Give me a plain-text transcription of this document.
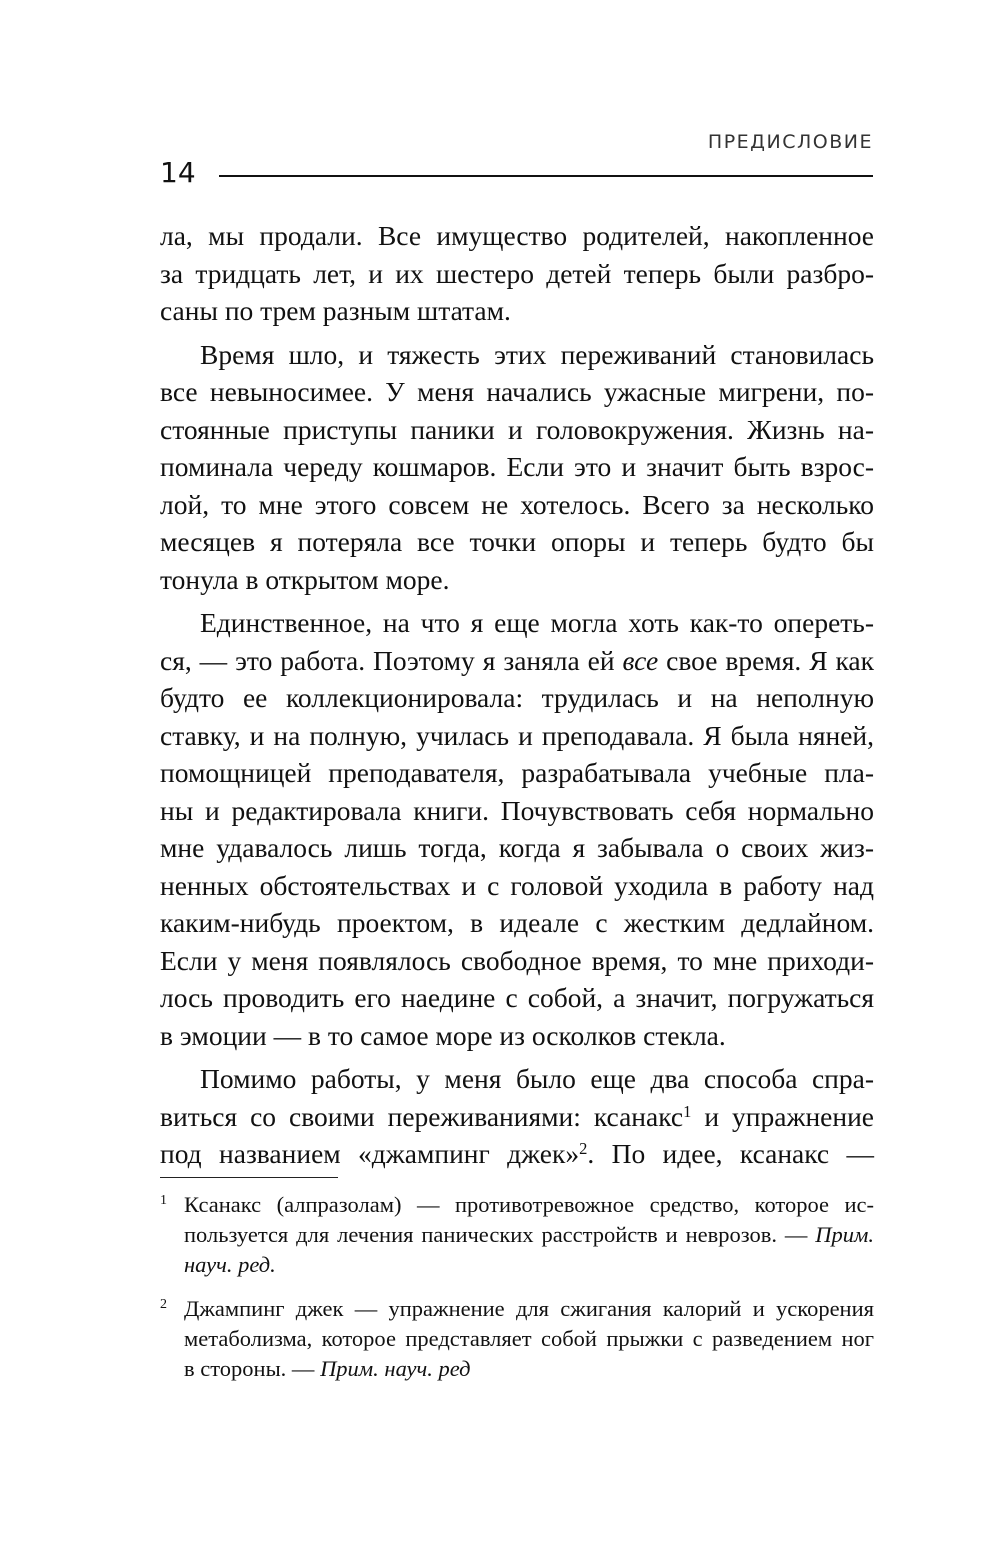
ПРЕДИСЛОВИЕ
14
ла, мы продали. Все имущество родителей, накопленное
за тридцать лет, и их шестеро детей теперь были разбро-
саны по трем разным штатам.
Время шло, и тяжесть этих переживаний становилась
все невыносимее. У меня начались ужасные мигрени, по-
стоянные приступы паники и головокружения. Жизнь на-
поминала череду кошмаров. Если это и значит быть взрос-
лой, то мне этого совсем не хотелось. Всего за несколько
месяцев я потеряла все точки опоры и теперь будто бы
тонула в открытом море.
Единственное, на что я еще могла хоть как-то опереть-
ся, — это работа. Поэтому я заняла ей все свое время. Я как
будто ее коллекционировала: трудилась и на неполную
ставку, и на полную, училась и преподавала. Я была няней,
помощницей преподавателя, разрабатывала учебные пла-
ны и редактировала книги. Почувствовать себя нормально
мне удавалось лишь тогда, когда я забывала о своих жиз-
ненных обстоятельствах и с головой уходила в работу над
каким-нибудь проектом, в идеале с жестким дедлайном.
Если у меня появлялось свободное время, то мне приходи-
лось проводить его наедине с собой, а значит, погружаться
в эмоции — в то самое море из осколков стекла.
Помимо работы, у меня было еще два способа спра-
виться со своими переживаниями: ксанакс$^1$ и упражнение
под названием «джампинг джек»$^2$. По идее, ксанакс —
1 Ксанакс (алпразолам) — противотревожное средство, которое ис-
пользуется для лечения панических расстройств и неврозов. — Прим.
науч. ред.
2 Джампинг джек — упражнение для сжигания калорий и ускорения
метаболизма, которое представляет собой прыжки с разведением ног
в стороны. — Прим. науч. ред
